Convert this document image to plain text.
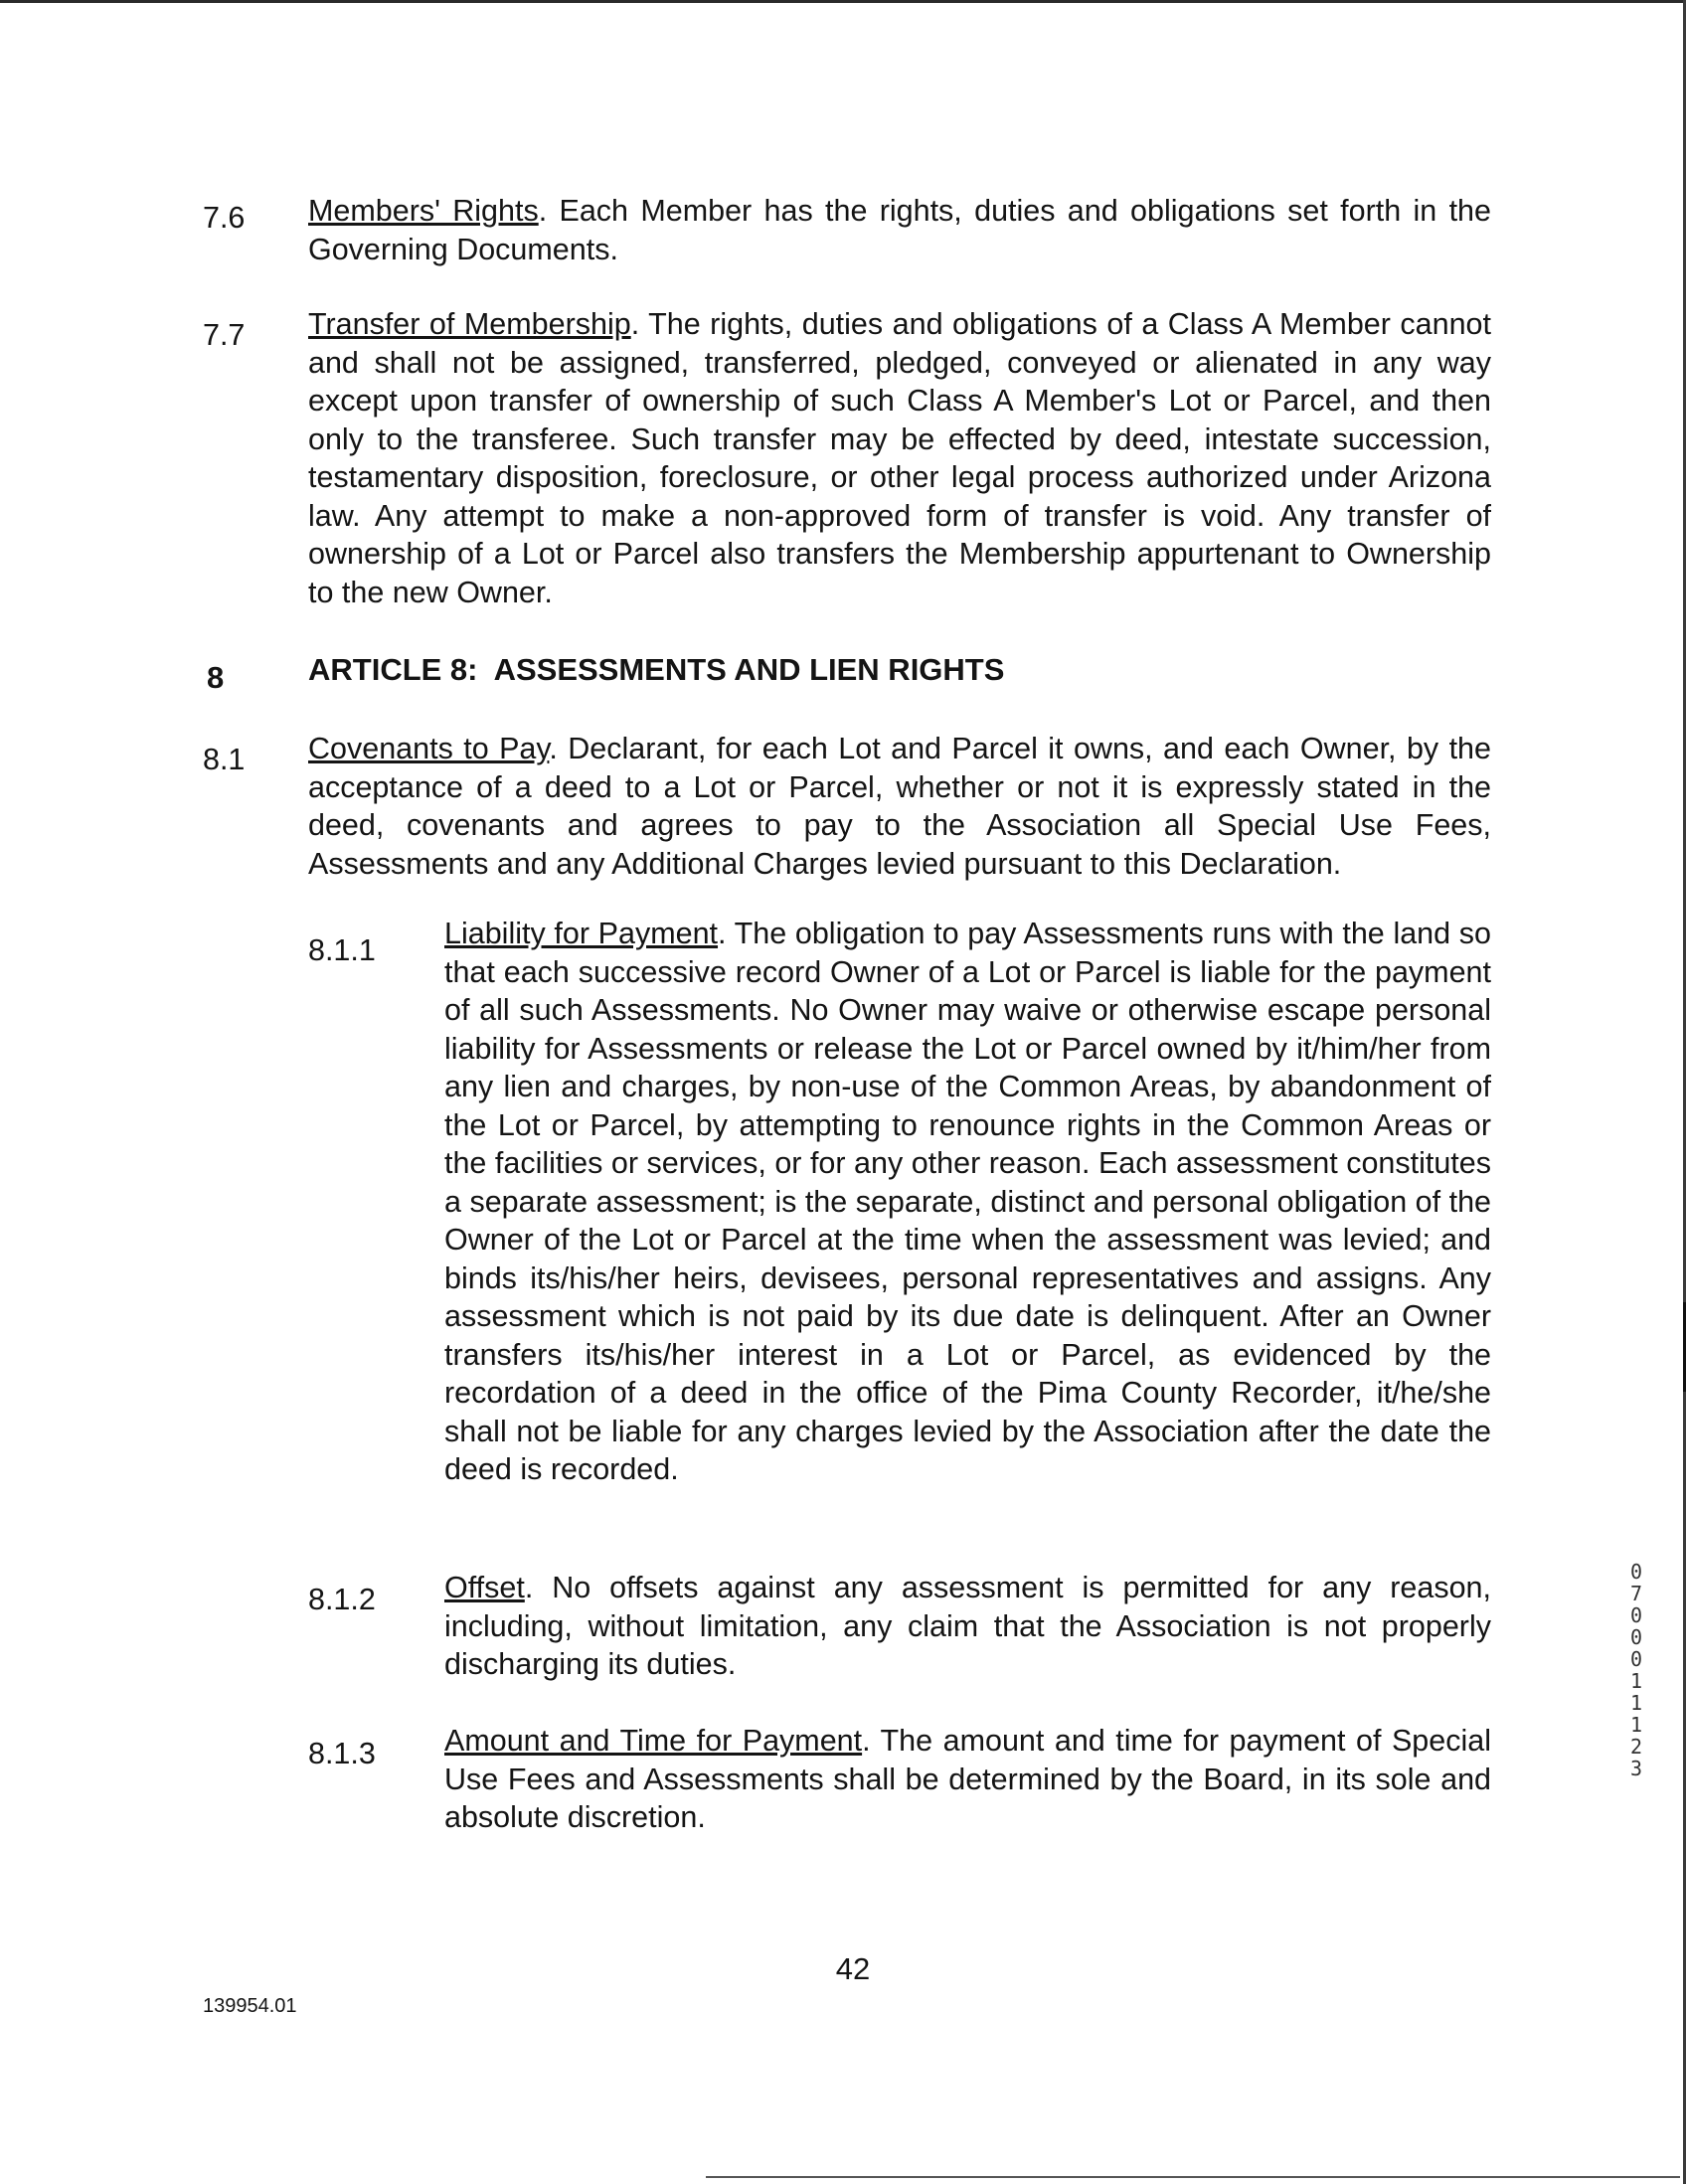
7.6 Members' Rights. Each Member has the rights, duties and obligations set forth in the Governing Documents.
7.7 Transfer of Membership. The rights, duties and obligations of a Class A Member cannot and shall not be assigned, transferred, pledged, conveyed or alienated in any way except upon transfer of ownership of such Class A Member's Lot or Parcel, and then only to the transferee. Such transfer may be effected by deed, intestate succession, testamentary disposition, foreclosure, or other legal process authorized under Arizona law. Any attempt to make a non-approved form of transfer is void. Any transfer of ownership of a Lot or Parcel also transfers the Membership appurtenant to Ownership to the new Owner.
8	ARTICLE 8:  ASSESSMENTS AND LIEN RIGHTS
8.1 Covenants to Pay. Declarant, for each Lot and Parcel it owns, and each Owner, by the acceptance of a deed to a Lot or Parcel, whether or not it is expressly stated in the deed, covenants and agrees to pay to the Association all Special Use Fees, Assessments and any Additional Charges levied pursuant to this Declaration.
8.1.1 Liability for Payment. The obligation to pay Assessments runs with the land so that each successive record Owner of a Lot or Parcel is liable for the payment of all such Assessments. No Owner may waive or otherwise escape personal liability for Assessments or release the Lot or Parcel owned by it/him/her from any lien and charges, by non-use of the Common Areas, by abandonment of the Lot or Parcel, by attempting to renounce rights in the Common Areas or the facilities or services, or for any other reason. Each assessment constitutes a separate assessment; is the separate, distinct and personal obligation of the Owner of the Lot or Parcel at the time when the assessment was levied; and binds its/his/her heirs, devisees, personal representatives and assigns. Any assessment which is not paid by its due date is delinquent. After an Owner transfers its/his/her interest in a Lot or Parcel, as evidenced by the recordation of a deed in the office of the Pima County Recorder, it/he/she shall not be liable for any charges levied by the Association after the date the deed is recorded.
8.1.2 Offset. No offsets against any assessment is permitted for any reason, including, without limitation, any claim that the Association is not properly discharging its duties.
8.1.3 Amount and Time for Payment. The amount and time for payment of Special Use Fees and Assessments shall be determined by the Board, in its sole and absolute discretion.
139954.01
42
0700011123
